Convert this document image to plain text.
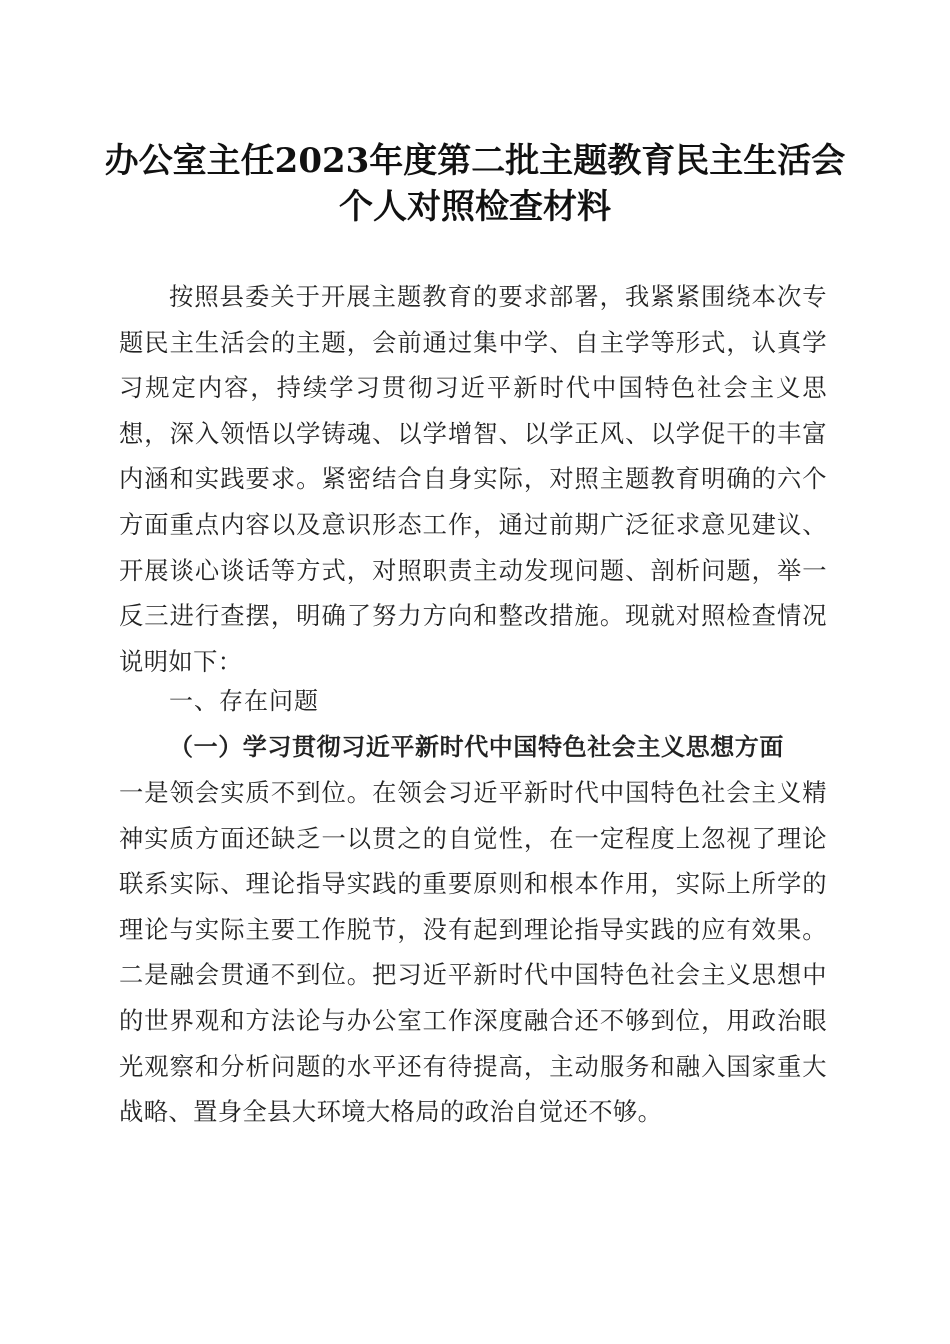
办公室主任2023年度第二批主题教育民主生活会个人对照检查材料
按照县委关于开展主题教育的要求部署，我紧紧围绕本次专题民主生活会的主题，会前通过集中学、自主学等形式，认真学习规定内容，持续学习贯彻习近平新时代中国特色社会主义思想，深入领悟以学铸魂、以学增智、以学正风、以学促干的丰富内涵和实践要求。紧密结合自身实际，对照主题教育明确的六个方面重点内容以及意识形态工作，通过前期广泛征求意见建议、开展谈心谈话等方式，对照职责主动发现问题、剖析问题，举一反三进行查摆，明确了努力方向和整改措施。现就对照检查情况说明如下：
一、存在问题
（一）学习贯彻习近平新时代中国特色社会主义思想方面
一是领会实质不到位。在领会习近平新时代中国特色社会主义精神实质方面还缺乏一以贯之的自觉性，在一定程度上忽视了理论联系实际、理论指导实践的重要原则和根本作用，实际上所学的理论与实际主要工作脱节，没有起到理论指导实践的应有效果。二是融会贯通不到位。把习近平新时代中国特色社会主义思想中的世界观和方法论与办公室工作深度融合还不够到位，用政治眼光观察和分析问题的水平还有待提高，主动服务和融入国家重大战略、置身全县大环境大格局的政治自觉还不够。
